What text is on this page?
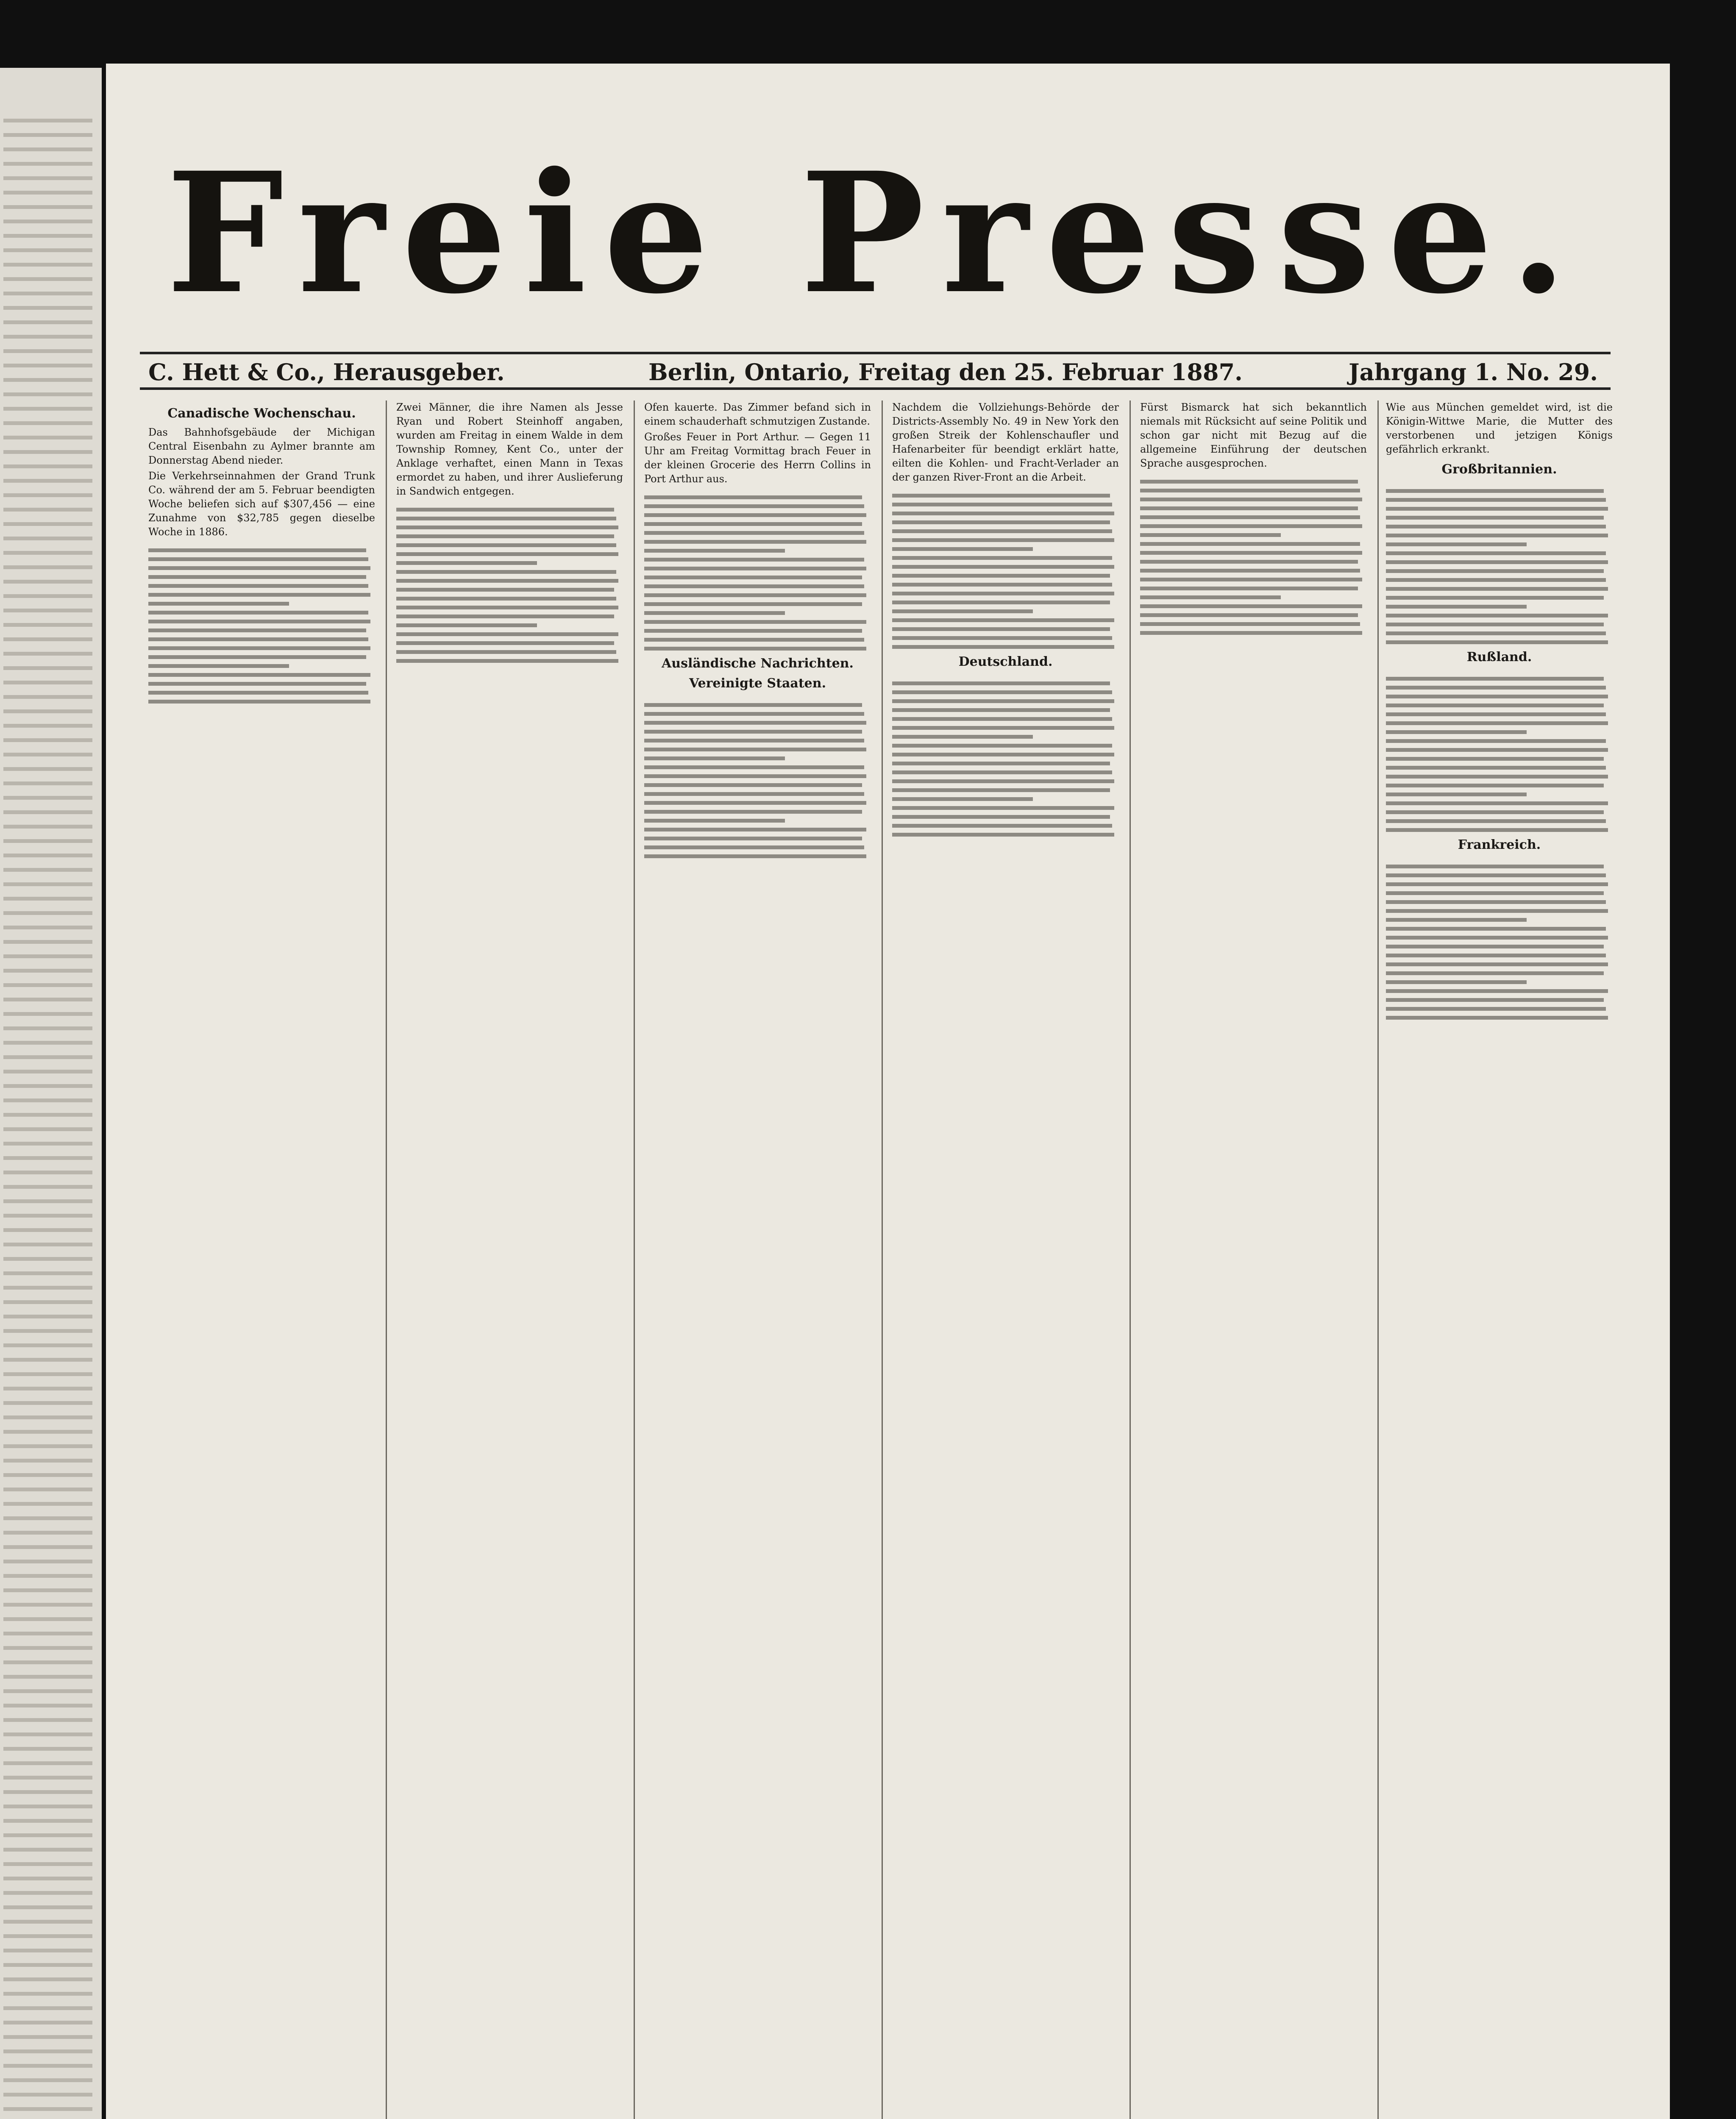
Freie Presse.
C. Hett & Co., Herausgeber.	Berlin, Ontario, Freitag den 25. Februar 1887.	Jahrgang 1. No. 29.
Canadische Wochenschau.

Das Bahnhofsgebäude der Michigan Central Eisenbahn zu Aylmer brannte am Donnerstag Abend nieder.

Die Verkehrseinnahmen der Grand Trunk Co. während der am 5. Februar beendigten Woche beliefen sich auf $307,456 — eine Zunahme von $32,785 gegen dieselbe Woche in 1886.

Zwei Männer, die ihre Namen als Jesse Ryan und Robert Steinhoff angaben, wurden am Freitag in einem Walde in dem Township Romney, Kent Co., unter der Anklage verhaftet, einen Mann in Texas ermordet zu haben, und ihrer Auslieferung in Sandwich entgegen.

Ofen kauerte. Das Zimmer befand sich in einem schauderhaft schmutzigen Zustande.

Großes Feuer in Port Arthur. — Gegen 11 Uhr am Freitag Vormittag brach Feuer in der kleinen Grocerie des Herrn Collins in Port Arthur aus.

Ausländische Nachrichten.
Vereinigte Staaten.

Nachdem die Vollziehungs-Behörde der Districts-Assembly No. 49 in New York den großen Streik der Kohlenschaufler und Hafenarbeiter für beendigt erklärt hatte, eilten die Kohlen- und Fracht-Verlader an der ganzen River-Front an die Arbeit.

Deutschland.

Fürst Bismarck hat sich bekanntlich niemals mit Rücksicht auf seine Politik und schon gar nicht mit Bezug auf die allgemeine Einführung der deutschen Sprache ausgesprochen.

Wie aus München gemeldet wird, ist die Königin-Wittwe Marie, die Mutter des verstorbenen und jetzigen Königs gefährlich erkrankt.

Großbritannien.
Rußland.
Frankreich.
